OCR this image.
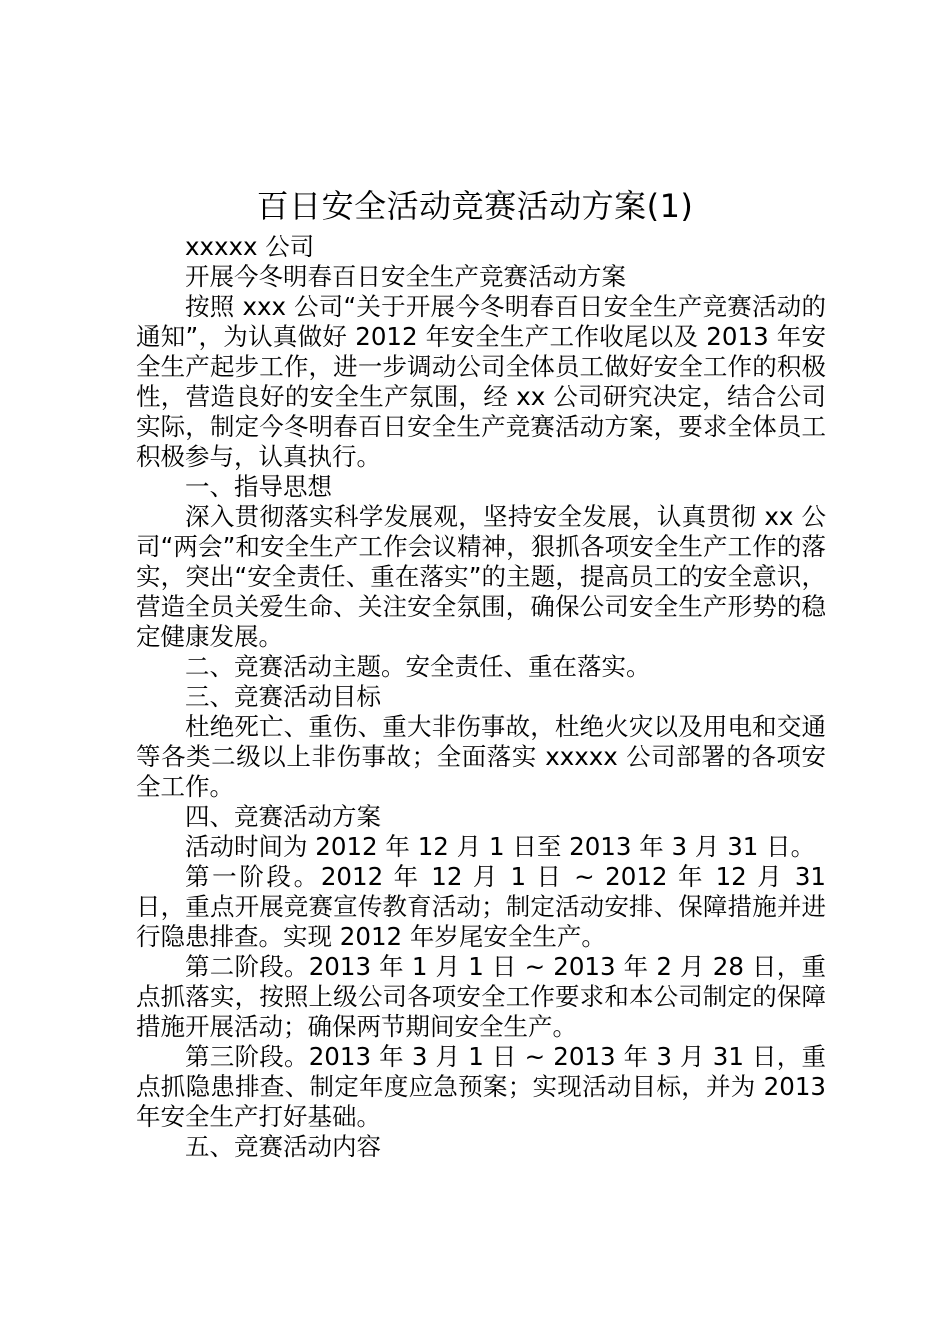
百日安全活动竞赛活动方案(1)

xxxxx 公司

开展今冬明春百日安全生产竞赛活动方案

按照 xxx 公司“关于开展今冬明春百日安全生产竞赛活动的通知”，为认真做好 2012 年安全生产工作收尾以及 2013 年安全生产起步工作，进一步调动公司全体员工做好安全工作的积极性，营造良好的安全生产氛围，经 xx 公司研究决定，结合公司实际，制定今冬明春百日安全生产竞赛活动方案，要求全体员工积极参与，认真执行。

一、指导思想

深入贯彻落实科学发展观，坚持安全发展，认真贯彻 xx 公司“两会”和安全生产工作会议精神，狠抓各项安全生产工作的落实，突出“安全责任、重在落实”的主题，提高员工的安全意识，营造全员关爱生命、关注安全氛围，确保公司安全生产形势的稳定健康发展。

二、竞赛活动主题。安全责任、重在落实。

三、竞赛活动目标

杜绝死亡、重伤、重大非伤事故，杜绝火灾以及用电和交通等各类二级以上非伤事故；全面落实 xxxxx 公司部署的各项安全工作。

四、竞赛活动方案

活动时间为 2012 年 12 月 1 日至 2013 年 3 月 31 日。

第一阶段。2012 年 12 月 1 日 ~ 2012 年 12 月 31 日，重点开展竞赛宣传教育活动；制定活动安排、保障措施并进行隐患排查。实现 2012 年岁尾安全生产。

第二阶段。2013 年 1 月 1 日 ~ 2013 年 2 月 28 日，重点抓落实，按照上级公司各项安全工作要求和本公司制定的保障措施开展活动；确保两节期间安全生产。

第三阶段。2013 年 3 月 1 日 ~ 2013 年 3 月 31 日，重点抓隐患排查、制定年度应急预案；实现活动目标，并为 2013 年安全生产打好基础。

五、竞赛活动内容
